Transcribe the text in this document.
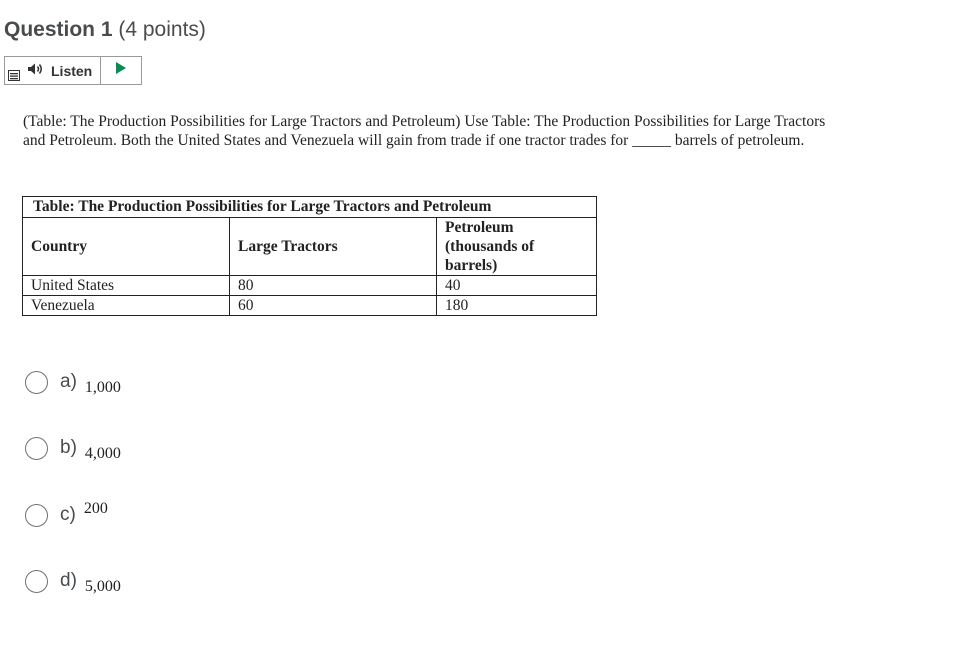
Question 1 (4 points)
Listen
(Table: The Production Possibilities for Large Tractors and Petroleum) Use Table: The Production Possibilities for Large Tractors and Petroleum. Both the United States and Venezuela will gain from trade if one tractor trades for _____ barrels of petroleum.
Table: The Production Possibilities for Large Tractors and Petroleum		
Country	Large Tractors	Petroleum (thousands of barrels)
United States	80	40
Venezuela	60	180
a) 1,000
b) 4,000
c) 200
d) 5,000
